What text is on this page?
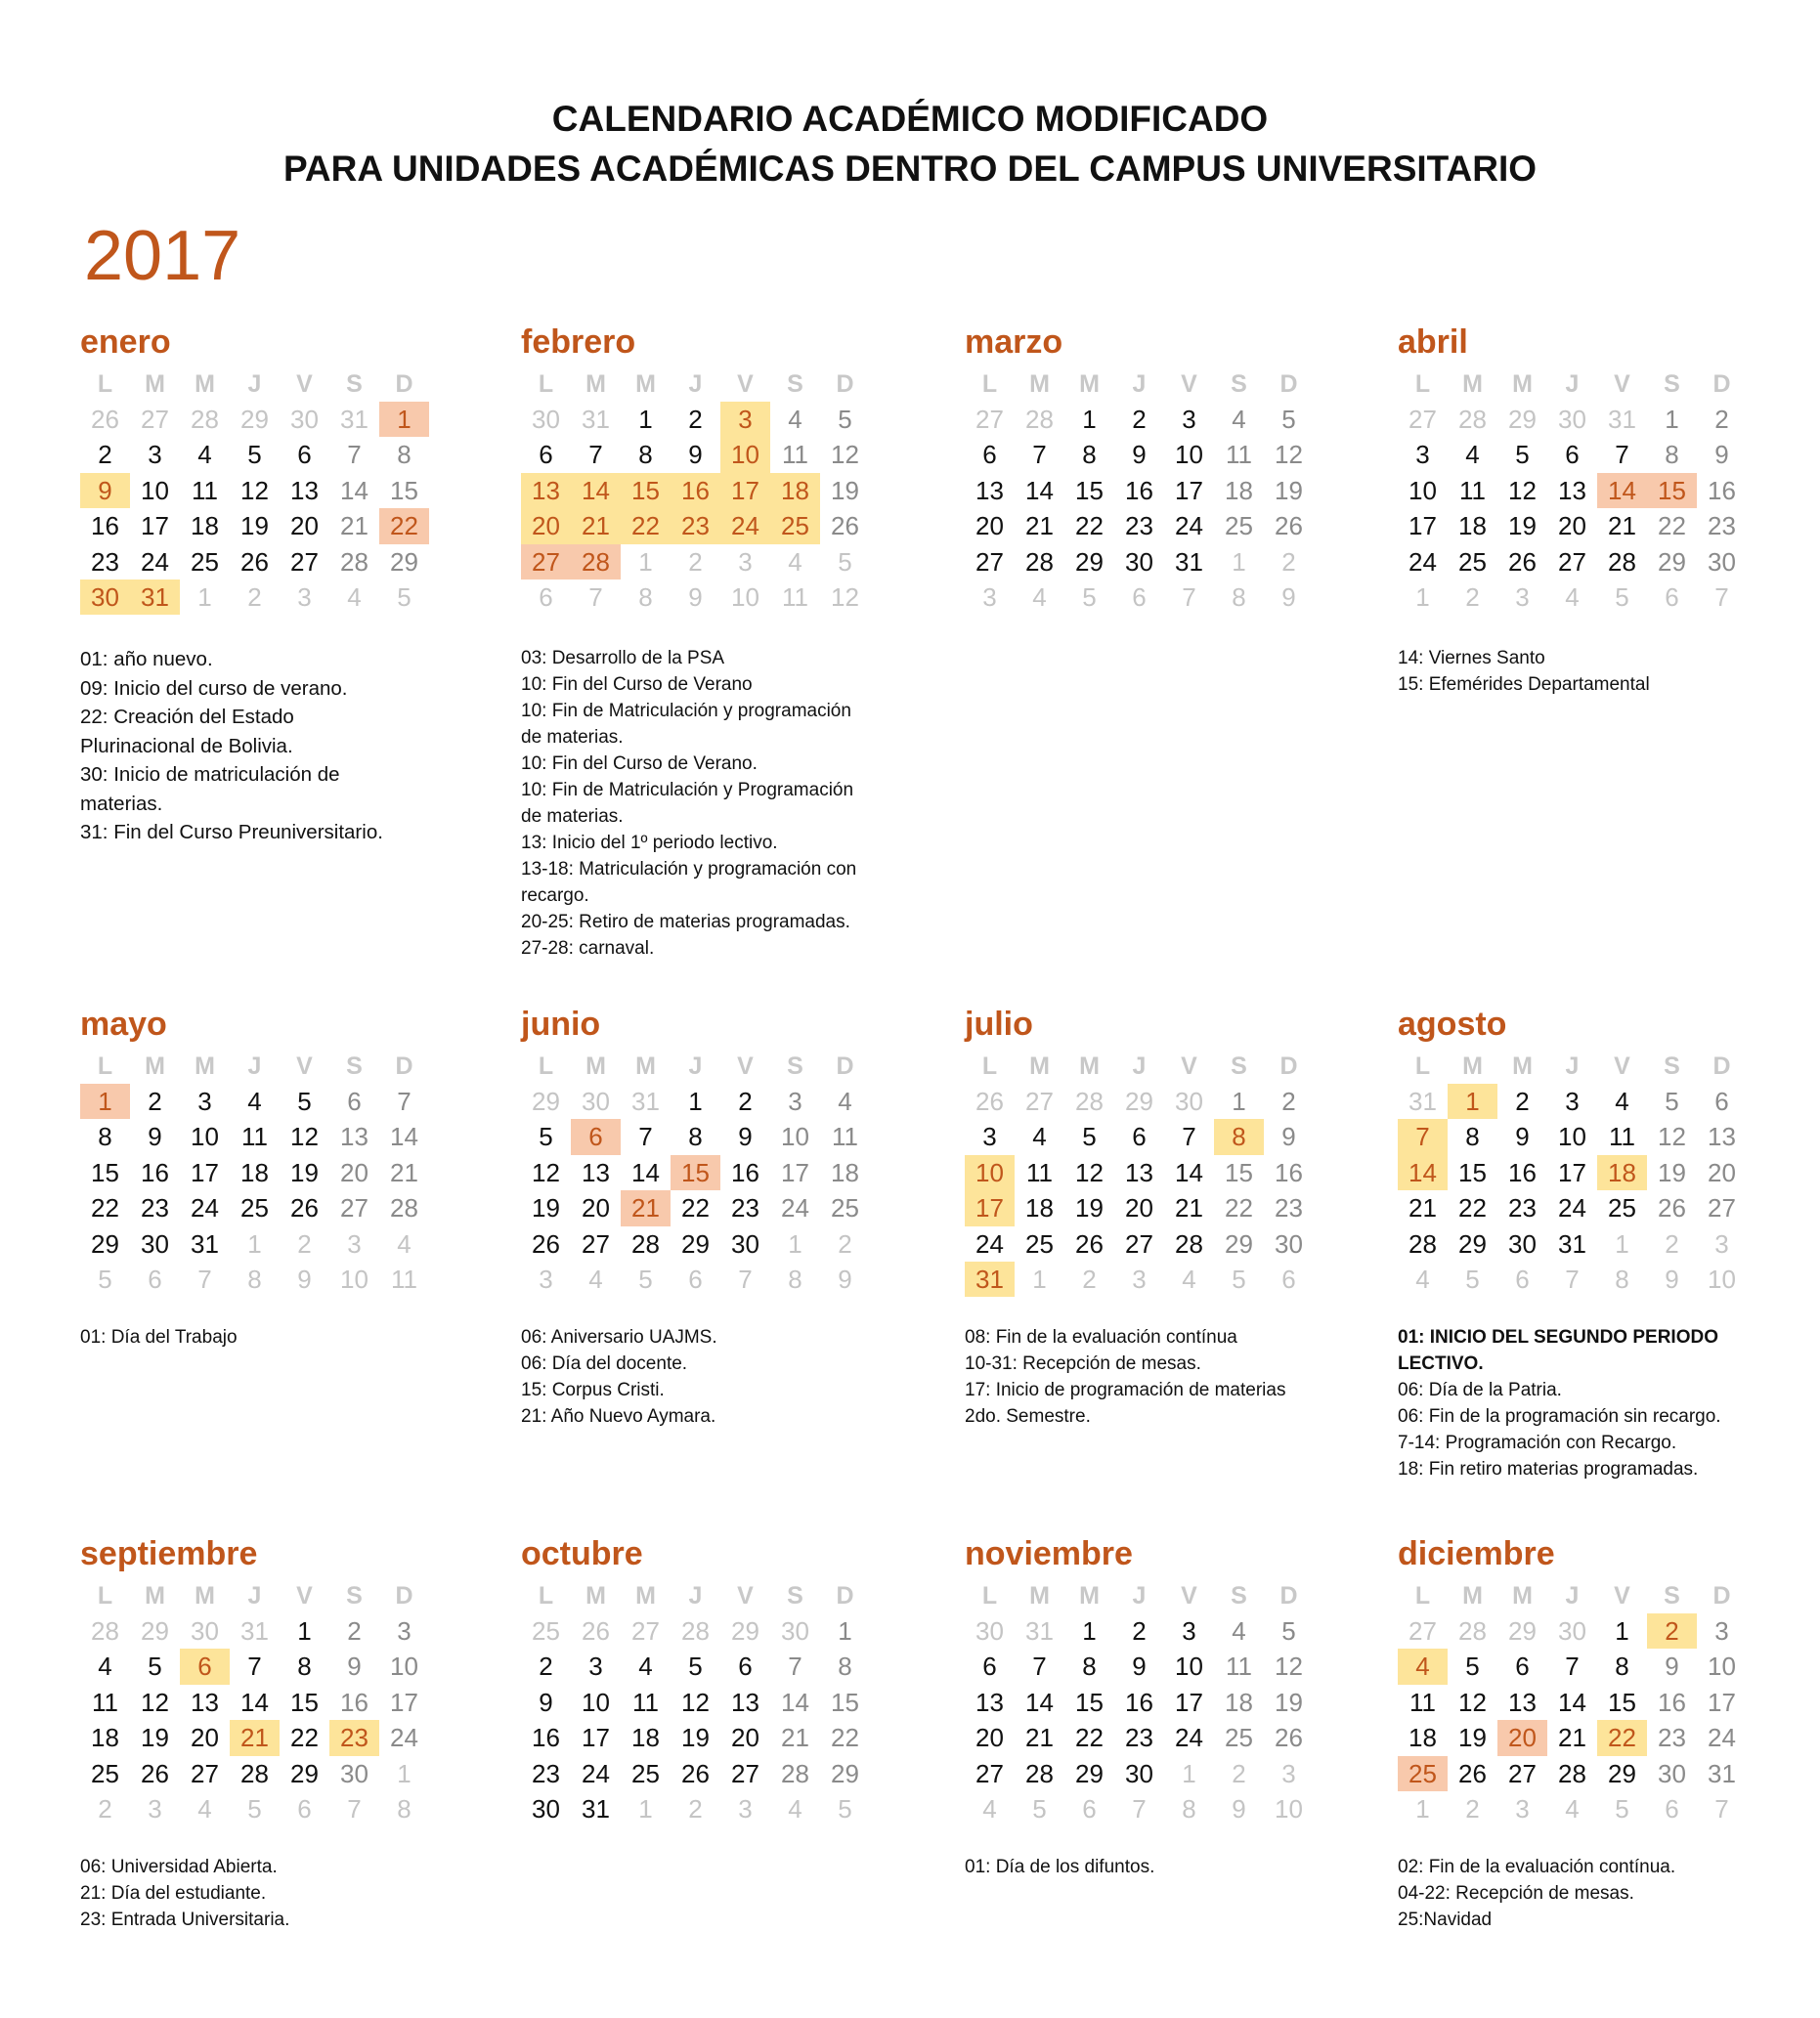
CALENDARIO ACADÉMICO MODIFICADO
PARA UNIDADES ACADÉMICAS DENTRO DEL CAMPUS UNIVERSITARIO
2017
enero
L	M	M	J	V	S	D
26 27 28 29 30 31	1
2	3	4	5	6	7	8
9	10 11 12 13 14 15
16 17 18 19 20 21 22
23 24 25 26 27 28 29
30 31	1	2	3	4	5
01: año nuevo.
09: Inicio del curso de verano.
22: Creación del Estado
Plurinacional de Bolivia.
30: Inicio de matriculación de
materias.
31: Fin del Curso Preuniversitario.
febrero
L	M	M	J	V	S	D
30 31	1	2	3	4	5
6	7	8	9	10 11 12
13 14 15 16 17 18 19
20 21 22 23 24 25 26
27 28	1	2	3	4	5
6	7	8	9	10 11 12
03: Desarrollo de la PSA
10: Fin del Curso de Verano
10: Fin de Matriculación y programación
de materias.
10: Fin del Curso de Verano.
10: Fin de Matriculación y Programación
de materias.
13: Inicio del 1º periodo lectivo.
13-18: Matriculación y programación con
recargo.
20-25: Retiro de materias programadas.
27-28: carnaval.
marzo
L	M	M	J	V	S	D
27 28	1	2	3	4	5
6	7	8	9	10 11 12
13 14 15 16 17 18 19
20 21 22 23 24 25 26
27 28 29 30 31	1	2
3	4	5	6	7	8	9
abril
L	M	M	J	V	S	D
27 28 29 30 31	1	2
3	4	5	6	7	8	9
10 11 12 13 14 15 16
17 18 19 20 21 22 23
24 25 26 27 28 29 30
1	2	3	4	5	6	7
14: Viernes Santo
15: Efemérides Departamental
mayo
L	M	M	J	V	S	D
1	2	3	4	5	6	7
8	9	10 11 12 13 14
15 16 17 18 19 20 21
22 23 24 25 26 27 28
29 30 31	1	2	3	4
5	6	7	8	9	10 11
01: Día del Trabajo
junio
L	M	M	J	V	S	D
29 30 31	1	2	3	4
5	6	7	8	9	10 11
12 13 14 15 16 17 18
19 20 21 22 23 24 25
26 27 28 29 30	1	2
3	4	5	6	7	8	9
06: Aniversario UAJMS.
06: Día del docente.
15: Corpus Cristi.
21: Año Nuevo Aymara.
julio
L	M	M	J	V	S	D
26 27 28 29 30	1	2
3	4	5	6	7	8	9
10 11 12 13 14 15 16
17 18 19 20 21 22 23
24 25 26 27 28 29 30
31	1	2	3	4	5	6
08: Fin de la evaluación contínua
10-31: Recepción de mesas.
17: Inicio de programación de materias
2do. Semestre.
agosto
L	M	M	J	V	S	D
31	1	2	3	4	5	6
7	8	9	10 11 12 13
14 15 16 17 18 19 20
21 22 23 24 25 26 27
28 29 30 31	1	2	3
4	5	6	7	8	9	10
01: INICIO DEL SEGUNDO PERIODO
LECTIVO.
06: Día de la Patria.
06: Fin de la programación sin recargo.
7-14: Programación con Recargo.
18: Fin retiro materias programadas.
septiembre
L	M	M	J	V	S	D
28 29 30 31	1	2	3
4	5	6	7	8	9	10
11 12 13 14 15 16 17
18 19 20 21 22 23 24
25 26 27 28 29 30	1
2	3	4	5	6	7	8
06: Universidad Abierta.
21: Día del estudiante.
23: Entrada Universitaria.
octubre
L	M	M	J	V	S	D
25 26 27 28 29 30	1
2	3	4	5	6	7	8
9	10 11 12 13 14 15
16 17 18 19 20 21 22
23 24 25 26 27 28 29
30 31	1	2	3	4	5
noviembre
L	M	M	J	V	S	D
30 31	1	2	3	4	5
6	7	8	9	10 11 12
13 14 15 16 17 18 19
20 21 22 23 24 25 26
27 28 29 30	1	2	3
4	5	6	7	8	9	10
01: Día de los difuntos.
diciembre
L	M	M	J	V	S	D
27 28 29 30	1	2	3
4	5	6	7	8	9	10
11 12 13 14 15 16 17
18 19 20 21 22 23 24
25 26 27 28 29 30 31
1	2	3	4	5	6	7
02: Fin de la evaluación contínua.
04-22: Recepción de mesas.
25:Navidad
